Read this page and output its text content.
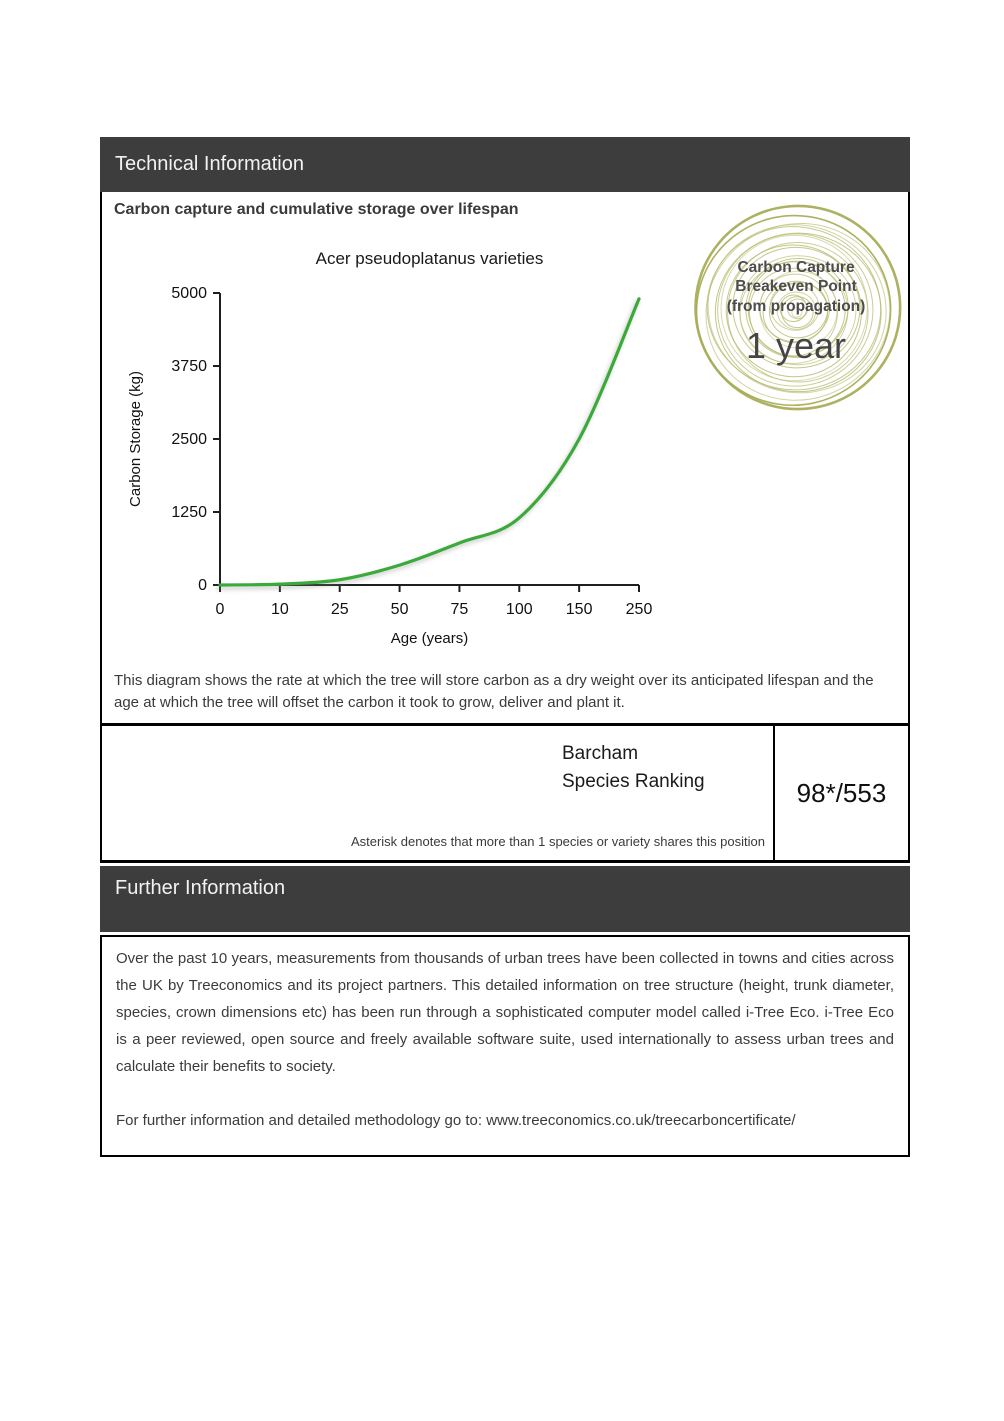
Technical Information
Carbon capture and cumulative storage over lifespan
Acer pseudoplatanus varieties
0	10	25	50	75 100 150 250
0
1250
2500
3750
5000
Age (years)
Carbon Storage (kg)
Carbon Capture
Breakeven Point
(from propagation)
1 year

This diagram shows the rate at which the tree will store carbon as a dry weight over its anticipated lifespan and the age at which the tree will offset the carbon it took to grow, deliver and plant it.

Barcham
Species Ranking
Asterisk denotes that more than 1 species or variety shares this position
98*/553
Further Information

Over the past 10 years, measurements from thousands of urban trees have been collected in towns and cities across the UK by Treeconomics and its project partners. This detailed information on tree structure (height, trunk diameter, species, crown dimensions etc) has been run through a sophisticated computer model called i-Tree Eco. i-Tree Eco is a peer reviewed, open source and freely available software suite, used internationally to assess urban trees and calculate their benefits to society.

For further information and detailed methodology go to: www.treeconomics.co.uk/treecarboncertificate/
